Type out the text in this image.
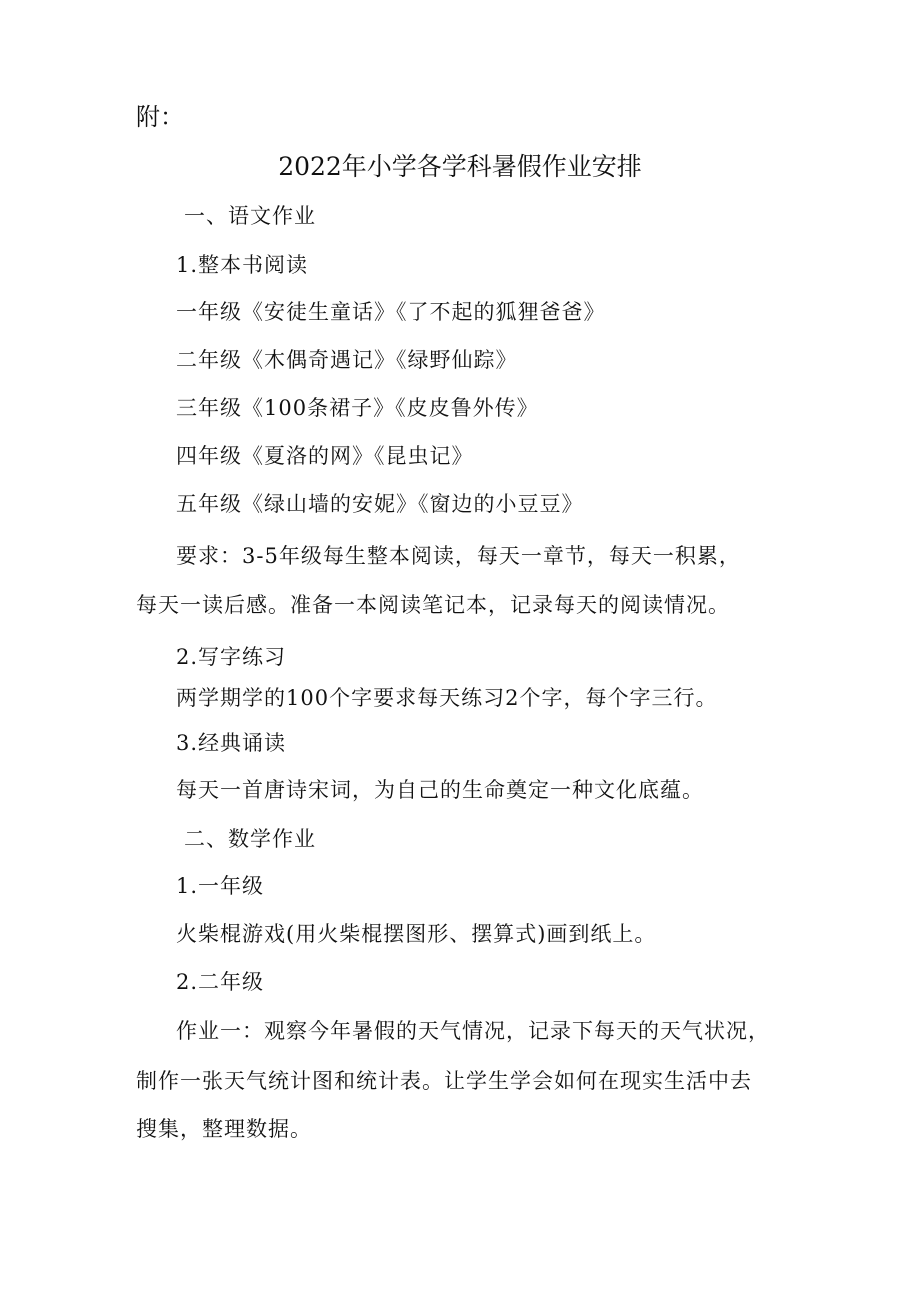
附：
2022年小学各学科暑假作业安排
一、语文作业
1.整本书阅读
一年级《安徒生童话》《了不起的狐狸爸爸》
二年级《木偶奇遇记》《绿野仙踪》
三年级《100条裙子》《皮皮鲁外传》
四年级《夏洛的网》《昆虫记》
五年级《绿山墙的安妮》《窗边的小豆豆》
要求：3-5年级每生整本阅读，每天一章节，每天一积累，
每天一读后感。准备一本阅读笔记本，记录每天的阅读情况。
2.写字练习
两学期学的100个字要求每天练习2个字，每个字三行。
3.经典诵读
每天一首唐诗宋词，为自己的生命奠定一种文化底蕴。
二、数学作业
1.一年级
火柴棍游戏(用火柴棍摆图形、摆算式)画到纸上。
2.二年级
作业一：观察今年暑假的天气情况，记录下每天的天气状况，
制作一张天气统计图和统计表。让学生学会如何在现实生活中去
搜集，整理数据。
